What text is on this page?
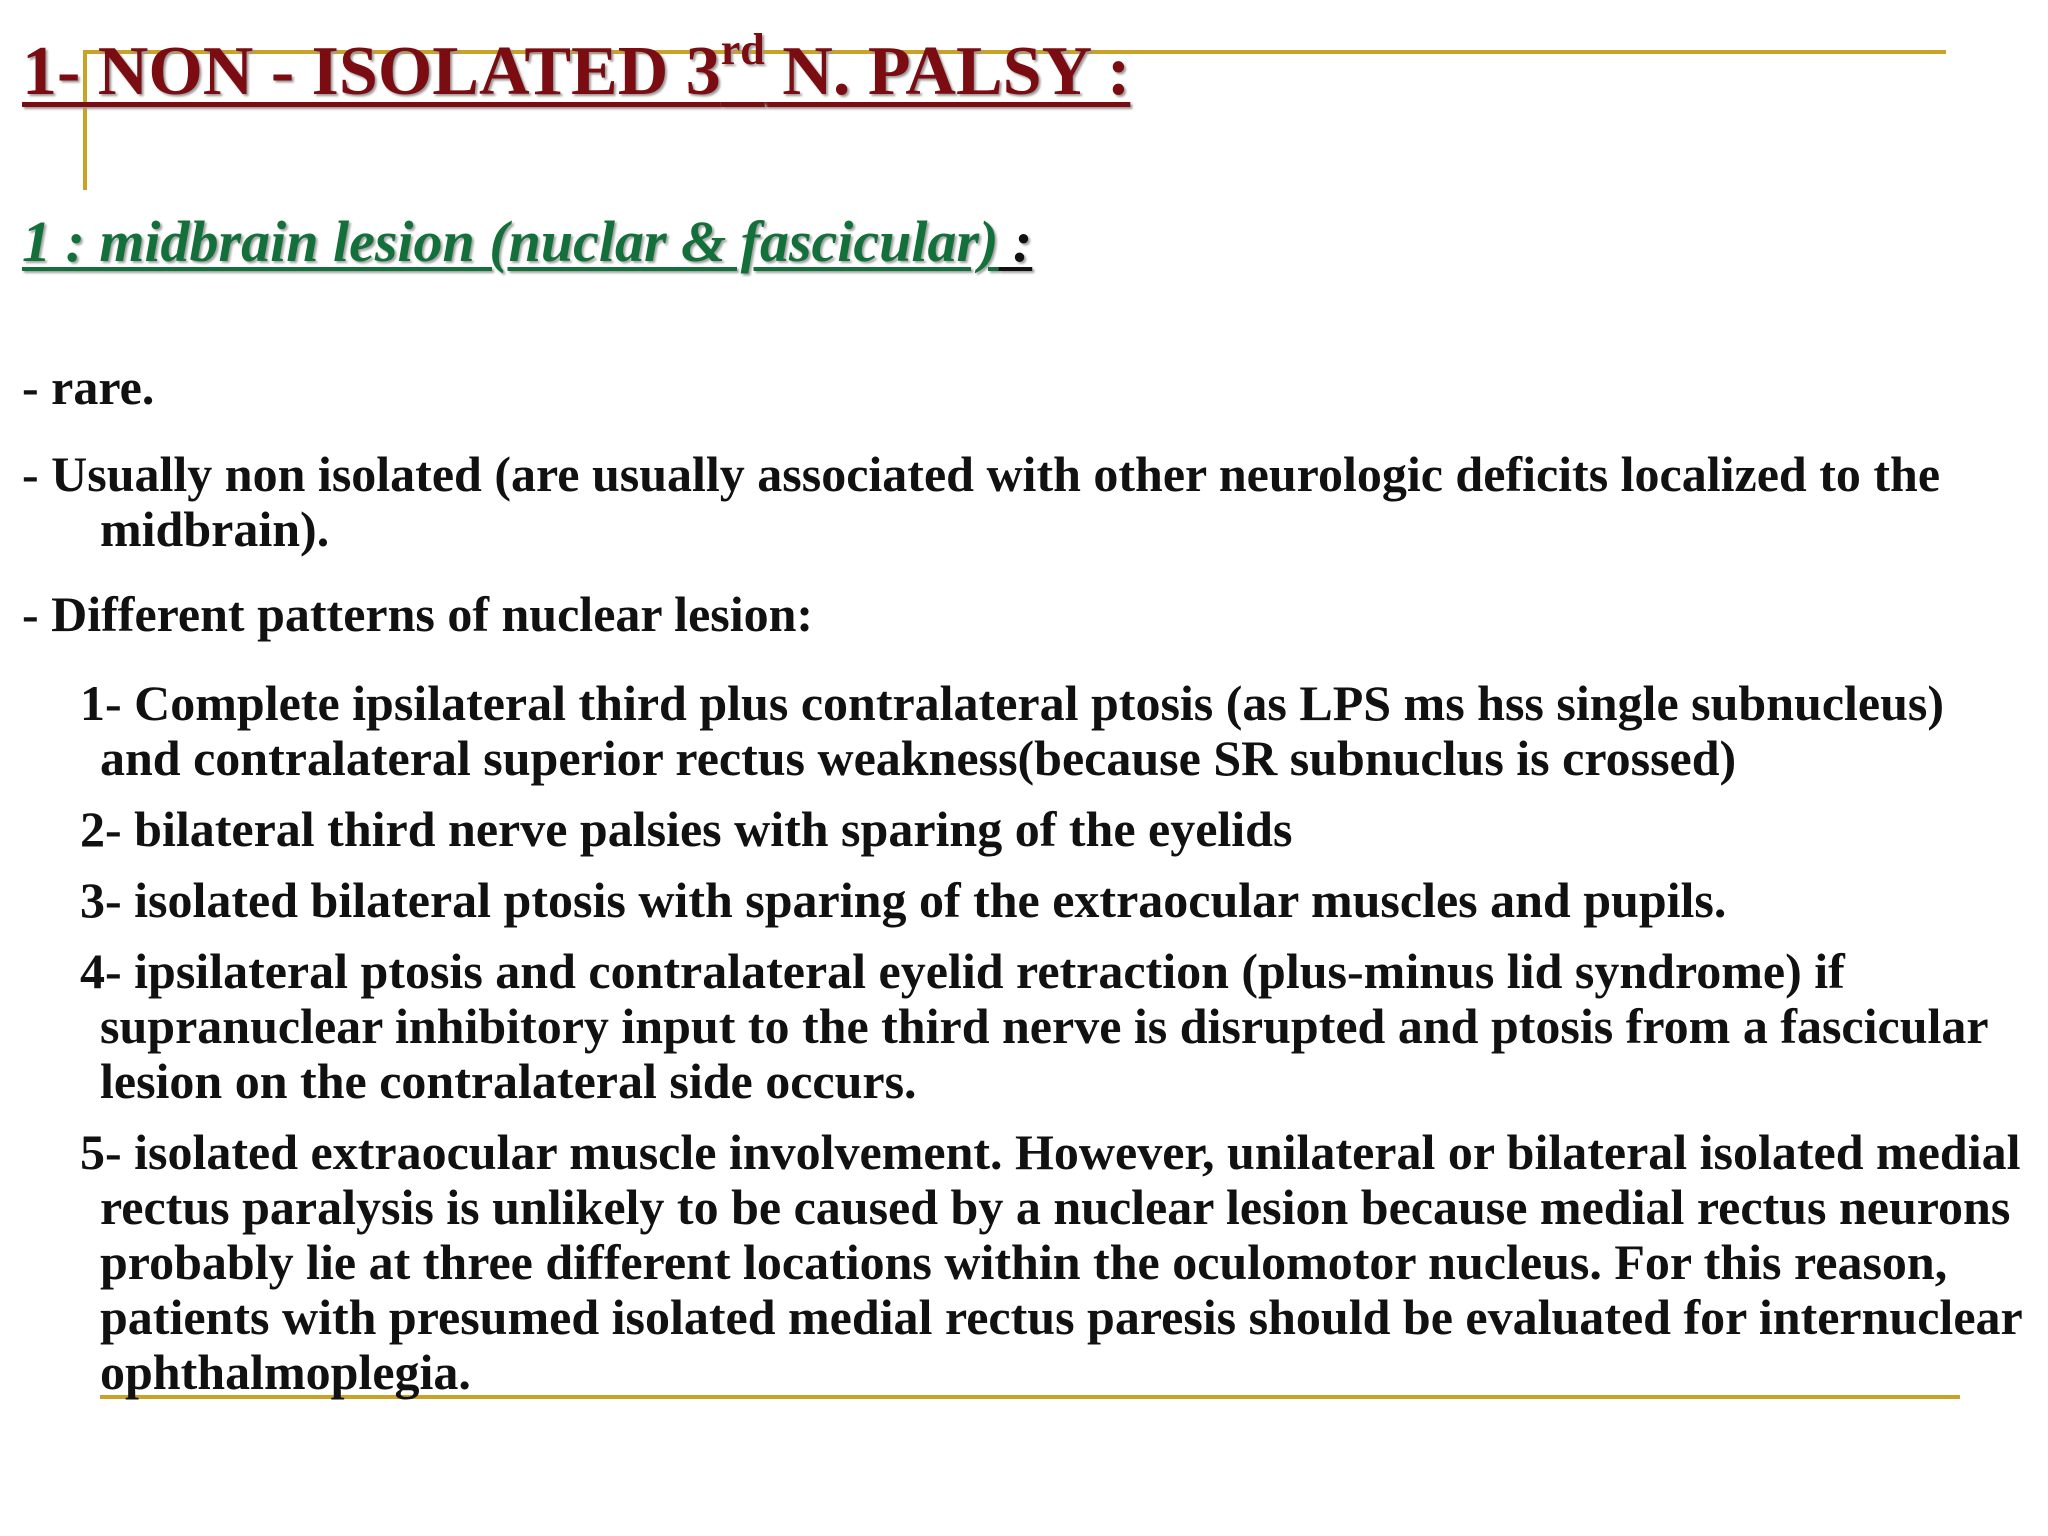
1- NON - ISOLATED 3rd N. PALSY :
1 : midbrain lesion (nuclar & fascicular) :

- rare.

- Usually non isolated (are usually associated with other neurologic deficits localized to the midbrain).

- Different patterns of nuclear lesion:

1- Complete ipsilateral third plus contralateral ptosis (as LPS ms hss single subnucleus) and contralateral superior rectus weakness(because SR subnuclus is crossed)

2- bilateral third nerve palsies with sparing of the eyelids

3- isolated bilateral ptosis with sparing of the extraocular muscles and pupils.

4- ipsilateral ptosis and contralateral eyelid retraction (plus-minus lid syndrome) if supranuclear inhibitory input to the third nerve is disrupted and ptosis from a fascicular lesion on the contralateral side occurs.

5- isolated extraocular muscle involvement. However, unilateral or bilateral isolated medial rectus paralysis is unlikely to be caused by a nuclear lesion because medial rectus neurons probably lie at three different locations within the oculomotor nucleus. For this reason, patients with presumed isolated medial rectus paresis should be evaluated for internuclear ophthalmoplegia.
